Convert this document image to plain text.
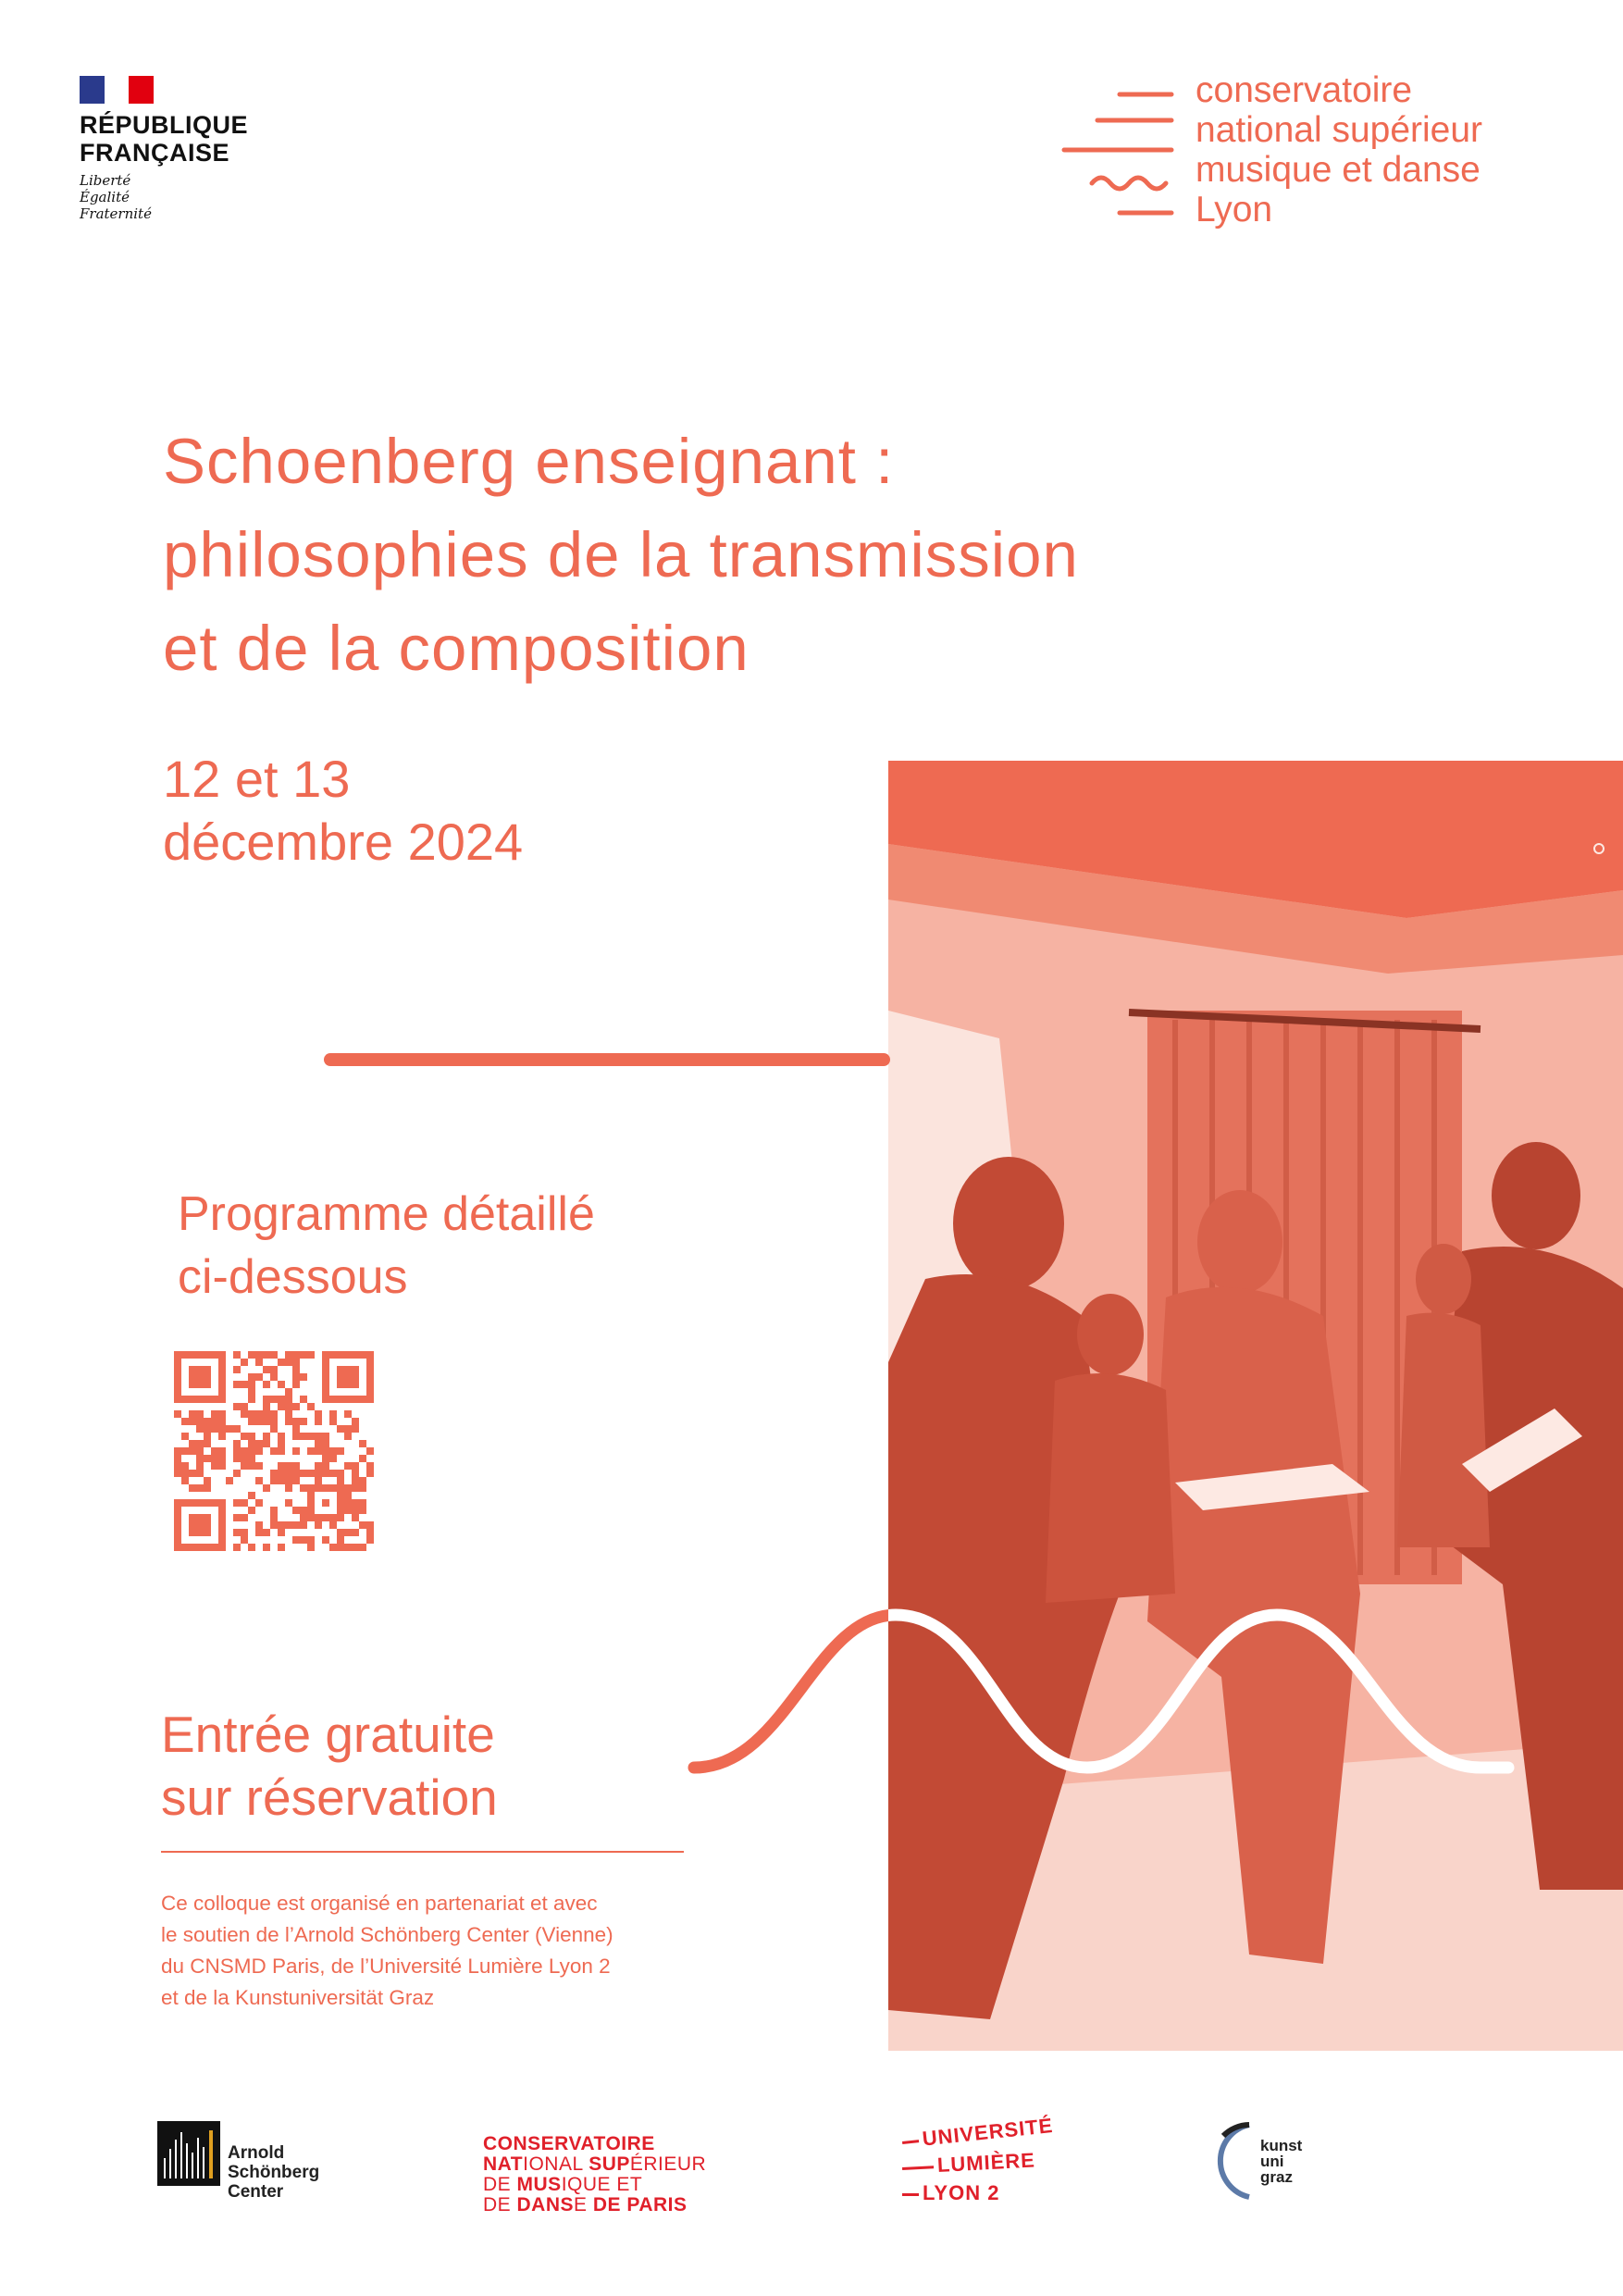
RÉPUBLIQUE
FRANÇAISE
Liberté
Égalité
Fraternité
conservatoire
national supérieur
musique et danse
Lyon
Schoenberg enseignant :
philosophies de la transmission
et de la composition
12 et 13
décembre 2024
Programme détaillé
ci-dessous
Entrée gratuite
sur réservation
Ce colloque est organisé en partenariat et avec
le soutien de l’Arnold Schönberg Center (Vienne)
du CNSMD Paris, de l’Université Lumière Lyon 2
et de la Kunstuniversität Graz
Arnold
Schönberg
Center
CONSERVATOIRE
NATIONAL SUPÉRIEUR
DE MUSIQUE ET
DE DANSE DE PARIS
UNIVERSITÉ
LUMIÈRE
LYON 2
kunst
uni
graz
